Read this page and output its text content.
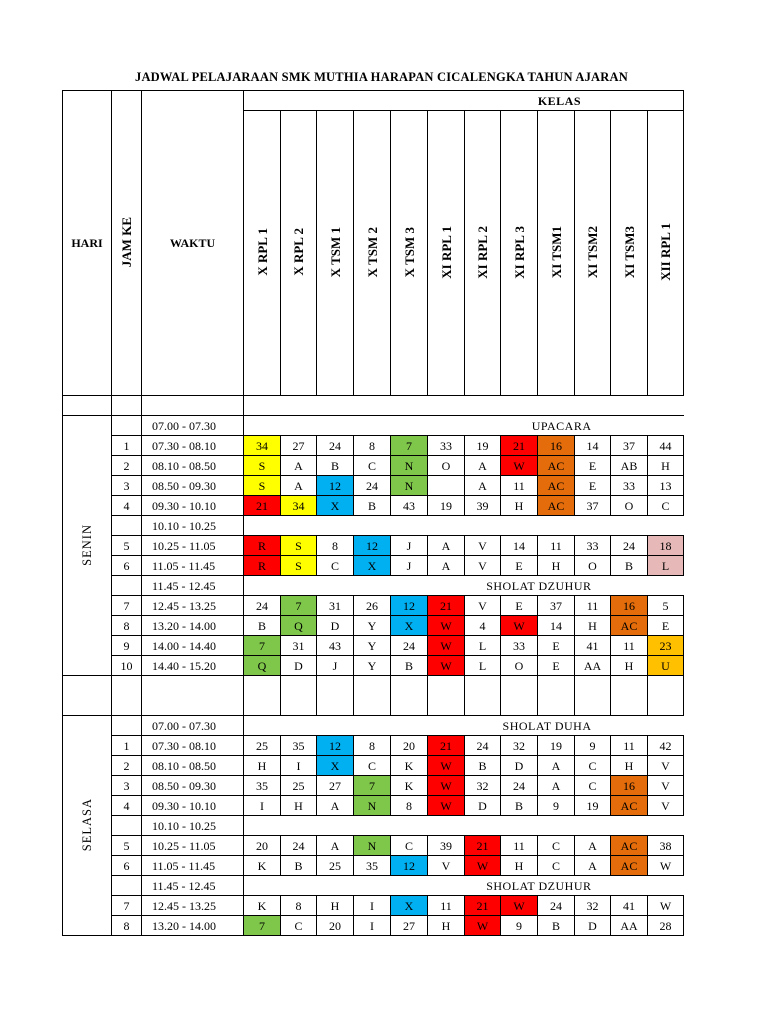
JADWAL PELAJARAAN SMK MUTHIA HARAPAN CICALENGKA TAHUN AJARAN
HARI	JAM KE	WAKTU	KELAS											
			X RPL 1	X RPL 2	X TSM 1	X TSM 2	X TSM 3	XI RPL 1	XI RPL 2	XI RPL 3	XI TSM1	XI TSM2	XI TSM3	XII RPL 1

SENIN		07.00 - 07.30	UPACARA											
	1	07.30 - 08.10	34	27	24	8	7	33	19	21	16	14	37	44
	2	08.10 - 08.50	S	A	B	C	N	O	A	W	AC	E	AB	H
	3	08.50 - 09.30	S	A	12	24	N		A	11	AC	E	33	13
	4	09.30 - 10.10	21	34	X	B	43	19	39	H	AC	37	O	C
		10.10 - 10.25												
	5	10.25 - 11.05	R	S	8	12	J	A	V	14	11	33	24	18
	6	11.05 - 11.45	R	S	C	X	J	A	V	E	H	O	B	L
		11.45 - 12.45	SHOLAT DZUHUR											
	7	12.45 - 13.25	24	7	31	26	12	21	V	E	37	11	16	5
	8	13.20 - 14.00	B	Q	D	Y	X	W	4	W	14	H	AC	E
	9	14.00 - 14.40	7	31	43	Y	24	W	L	33	E	41	11	23
	10	14.40 - 15.20	Q	D	J	Y	B	W	L	O	E	AA	H	U

SELASA		07.00 - 07.30	SHOLAT DUHA											
	1	07.30 - 08.10	25	35	12	8	20	21	24	32	19	9	11	42
	2	08.10 - 08.50	H	I	X	C	K	W	B	D	A	C	H	V
	3	08.50 - 09.30	35	25	27	7	K	W	32	24	A	C	16	V
	4	09.30 - 10.10	I	H	A	N	8	W	D	B	9	19	AC	V
		10.10 - 10.25												
	5	10.25 - 11.05	20	24	A	N	C	39	21	11	C	A	AC	38
	6	11.05 - 11.45	K	B	25	35	12	V	W	H	C	A	AC	W
		11.45 - 12.45	SHOLAT DZUHUR											
	7	12.45 - 13.25	K	8	H	I	X	11	21	W	24	32	41	W
	8	13.20 - 14.00	7	C	20	I	27	H	W	9	B	D	AA	28
